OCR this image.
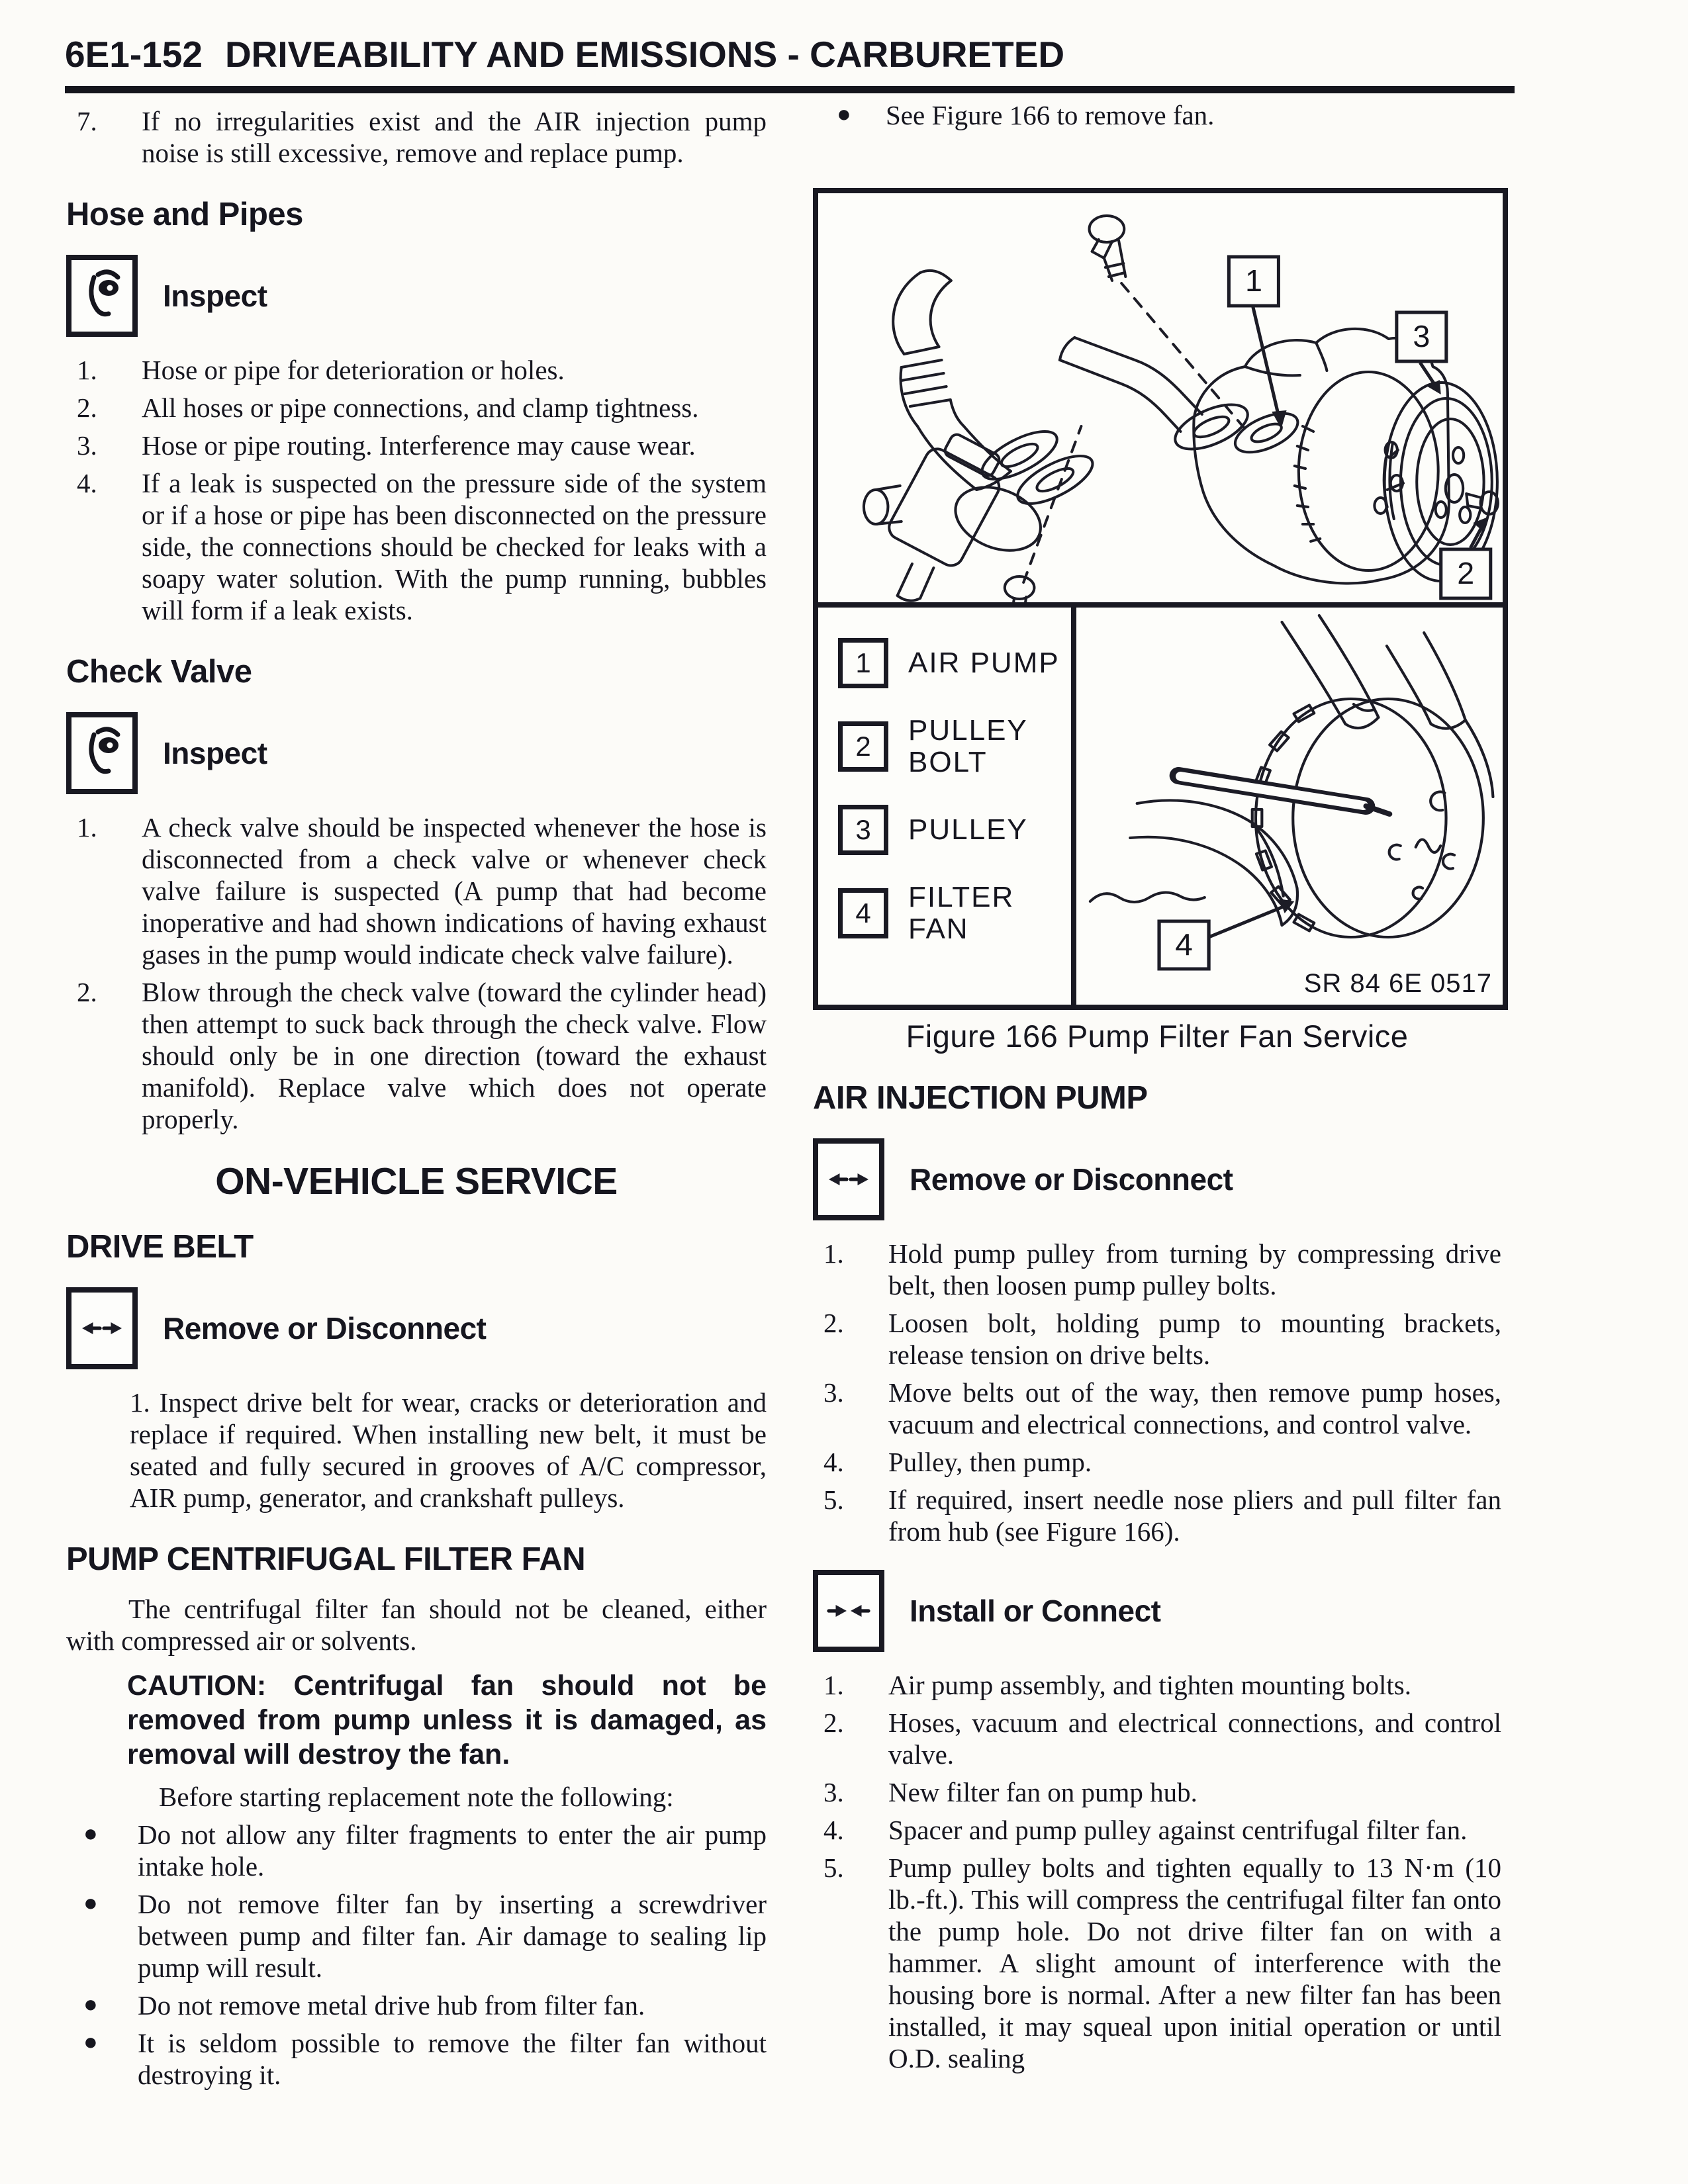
6E1-152 DRIVEABILITY AND EMISSIONS - CARBURETED
7. If no irregularities exist and the AIR injection pump noise is still excessive, remove and replace pump.
Hose and Pipes
Inspect
1. Hose or pipe for deterioration or holes.
2. All hoses or pipe connections, and clamp tightness.
3. Hose or pipe routing. Interference may cause wear.
4. If a leak is suspected on the pressure side of the system or if a hose or pipe has been disconnected on the pressure side, the connections should be checked for leaks with a soapy water solution. With the pump running, bubbles will form if a leak exists.
Check Valve
Inspect
1. A check valve should be inspected whenever the hose is disconnected from a check valve or whenever check valve failure is suspected (A pump that had become inoperative and had shown indications of having exhaust gases in the pump would indicate check valve failure).
2. Blow through the check valve (toward the cylinder head) then attempt to suck back through the check valve. Flow should only be in one direction (toward the exhaust manifold). Replace valve which does not operate properly.
ON-VEHICLE SERVICE
DRIVE BELT
Remove or Disconnect
1. Inspect drive belt for wear, cracks or deterioration and replace if required. When installing new belt, it must be seated and fully secured in grooves of A/C compressor, AIR pump, generator, and crankshaft pulleys.
PUMP CENTRIFUGAL FILTER FAN
The centrifugal filter fan should not be cleaned, either with compressed air or solvents.
CAUTION: Centrifugal fan should not be removed from pump unless it is damaged, as removal will destroy the fan.
Before starting replacement note the following:
● Do not allow any filter fragments to enter the air pump intake hole.
● Do not remove filter fan by inserting a screwdriver between pump and filter fan. Air damage to sealing lip pump will result.
● Do not remove metal drive hub from filter fan.
● It is seldom possible to remove the filter fan without destroying it.
● See Figure 166 to remove fan.
1
3
2
1	AIR PUMP
2	PULLEY BOLT
3	PULLEY
4	FILTER FAN	4
SR 84 6E 0517
Figure 166 Pump Filter Fan Service
AIR INJECTION PUMP
Remove or Disconnect
1. Hold pump pulley from turning by compressing drive belt, then loosen pump pulley bolts.
2. Loosen bolt, holding pump to mounting brackets, release tension on drive belts.
3. Move belts out of the way, then remove pump hoses, vacuum and electrical connections, and control valve.
4. Pulley, then pump.
5. If required, insert needle nose pliers and pull filter fan from hub (see Figure 166).
Install or Connect
1. Air pump assembly, and tighten mounting bolts.
2. Hoses, vacuum and electrical connections, and control valve.
3. New filter fan on pump hub.
4. Spacer and pump pulley against centrifugal filter fan.
5. Pump pulley bolts and tighten equally to 13 N·m (10 lb.-ft.). This will compress the centrifugal filter fan onto the pump hole. Do not drive filter fan on with a hammer. A slight amount of interference with the housing bore is normal. After a new filter fan has been installed, it may squeal upon initial operation or until O.D. sealing
